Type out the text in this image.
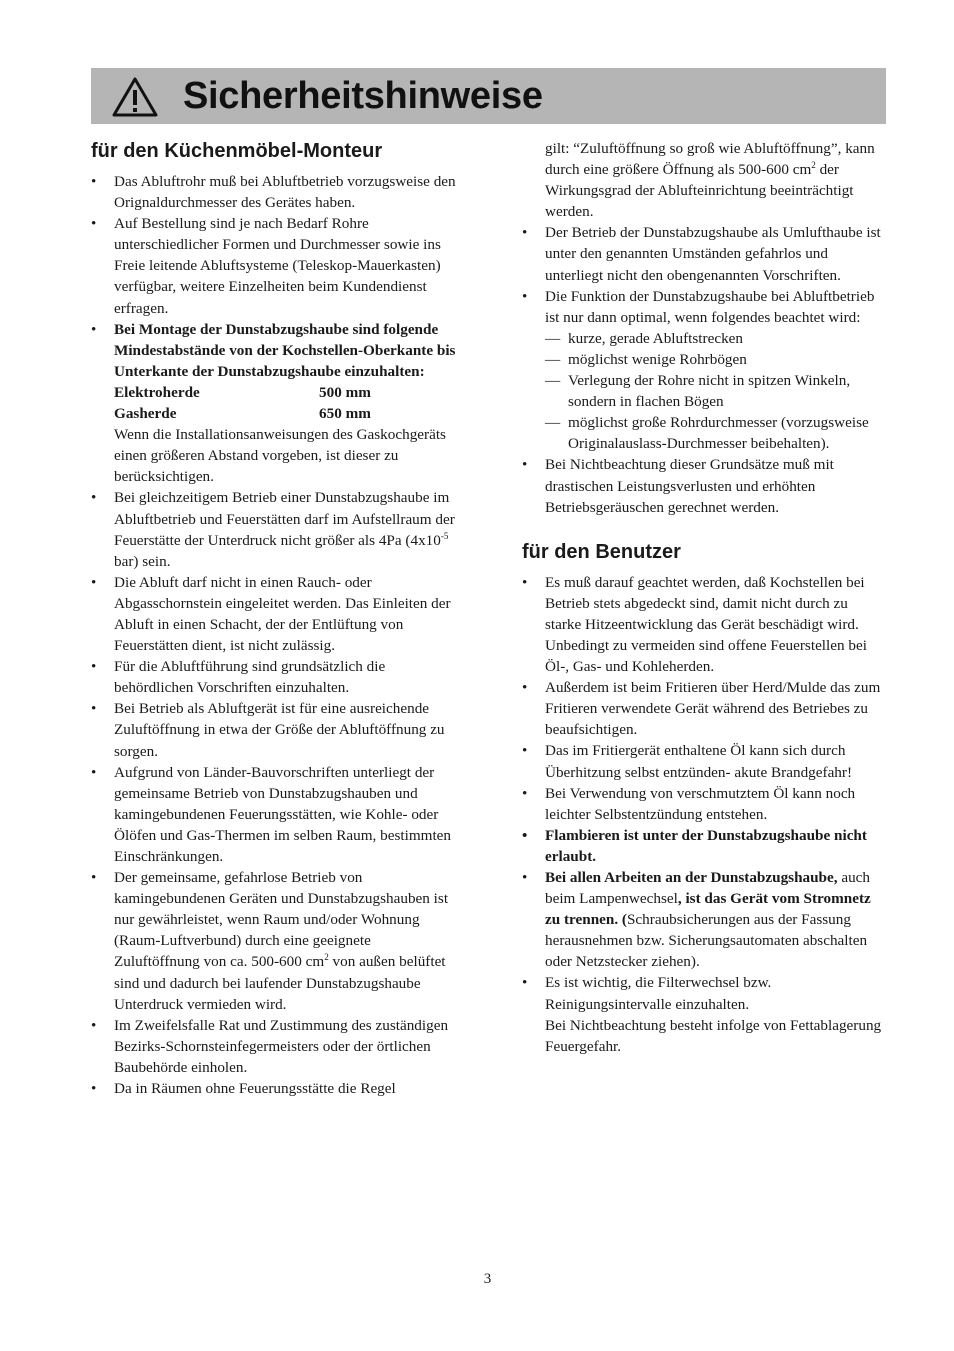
Sicherheitshinweise
für den Küchenmöbel-Monteur
• Das Abluftrohr muß bei Abluftbetrieb vorzugsweise den Orignaldurchmesser des Gerätes haben.
• Auf Bestellung sind je nach Bedarf Rohre unterschiedlicher Formen und Durchmesser sowie ins Freie leitende Abluftsysteme (Teleskop-Mauerkasten) verfügbar, weitere Einzelheiten beim Kundendienst erfragen.
• Bei Montage der Dunstabzugshaube sind folgende Mindestabstände von der Kochstellen-Oberkante bis Unterkante der Dunstabzugshaube einzuhalten:
Elektroherde	500 mm
Gasherde	650 mm
Wenn die Installationsanweisungen des Gaskochgeräts einen größeren Abstand vorgeben, ist dieser zu berücksichtigen.
• Bei gleichzeitigem Betrieb einer Dunstabzugshaube im Abluftbetrieb und Feuerstätten darf im Aufstellraum der Feuerstätte der Unterdruck nicht größer als 4Pa ($4x10^{-5}$ bar) sein.
• Die Abluft darf nicht in einen Rauch- oder Abgasschornstein eingeleitet werden. Das Einleiten der Abluft in einen Schacht, der der Entlüftung von Feuerstätten dient, ist nicht zulässig.
• Für die Abluftführung sind grundsätzlich die behördlichen Vorschriften einzuhalten.
• Bei Betrieb als Abluftgerät ist für eine ausreichende
Zuluftöffnung in etwa der Größe der Abluftöffnung zu sorgen.
• Aufgrund von Länder-Bauvorschriften unterliegt der gemeinsame Betrieb von Dunstabzugshauben und kamingebundenen Feuerungsstätten, wie Kohle- oder Ölöfen und Gas-Thermen im selben Raum, bestimmten Einschränkungen.
• Der gemeinsame, gefahrlose Betrieb von kamingebundenen Geräten und Dunstabzugshauben ist nur gewährleistet, wenn Raum und/oder Wohnung (Raum-Luftverbund) durch eine geeignete Zuluftöffnung von ca. 500-600 $cm^2$ von außen belüftet sind und dadurch bei laufender Dunstabzugshaube Unterdruck vermieden wird.
• Im Zweifelsfalle Rat und Zustimmung des zuständigen Bezirks-Schornsteinfegermeisters oder der örtlichen Baubehörde einholen.
• Da in Räumen ohne Feuerungsstätte die Regel
gilt: “Zuluftöffnung so groß wie Abluftöffnung”, kann durch eine größere Öffnung als 500-600 $cm^2$ der Wirkungsgrad der Ablufteinrichtung beeinträchtigt werden.
• Der Betrieb der Dunstabzugshaube als Umlufthaube ist unter den genannten Umständen gefahrlos und unterliegt nicht den obengenannten Vorschriften.
• Die Funktion der Dunstabzugshaube bei Abluftbetrieb ist nur dann optimal, wenn folgendes beachtet wird:
— kurze, gerade Abluftstrecken
— möglichst wenige Rohrbögen
— Verlegung der Rohre nicht in spitzen Winkeln, sondern in flachen Bögen
— möglichst große Rohrdurchmesser (vorzugsweise Originalauslass-Durchmesser beibehalten).
• Bei Nichtbeachtung dieser Grundsätze muß mit drastischen Leistungsverlusten und erhöhten Betriebsgeräuschen gerechnet werden.
für den Benutzer
• Es muß darauf geachtet werden, daß Kochstellen bei Betrieb stets abgedeckt sind, damit nicht durch zu starke Hitzeentwicklung das Gerät beschädigt wird. Unbedingt zu vermeiden sind offene Feuerstellen bei Öl-, Gas- und Kohleherden.
• Außerdem ist beim Fritieren über Herd/Mulde das zum Fritieren verwendete Gerät während des Betriebes zu beaufsichtigen.
• Das im Fritiergerät enthaltene Öl kann sich durch Überhitzung selbst entzünden- akute Brandgefahr!
• Bei Verwendung von verschmutztem Öl kann noch leichter Selbstentzündung entstehen.
• Flambieren ist unter der Dunstabzugshaube nicht erlaubt.
• Bei allen Arbeiten an der Dunstabzugshaube, auch beim Lampenwechsel, ist das Gerät vom Stromnetz zu trennen. (Schraubsicherungen aus der Fassung herausnehmen bzw. Sicherungsautomaten abschalten oder Netzstecker ziehen).
• Es ist wichtig, die Filterwechsel bzw. Reinigungsintervalle einzuhalten.
Bei Nichtbeachtung besteht infolge von Fettablagerung Feuergefahr.
3
